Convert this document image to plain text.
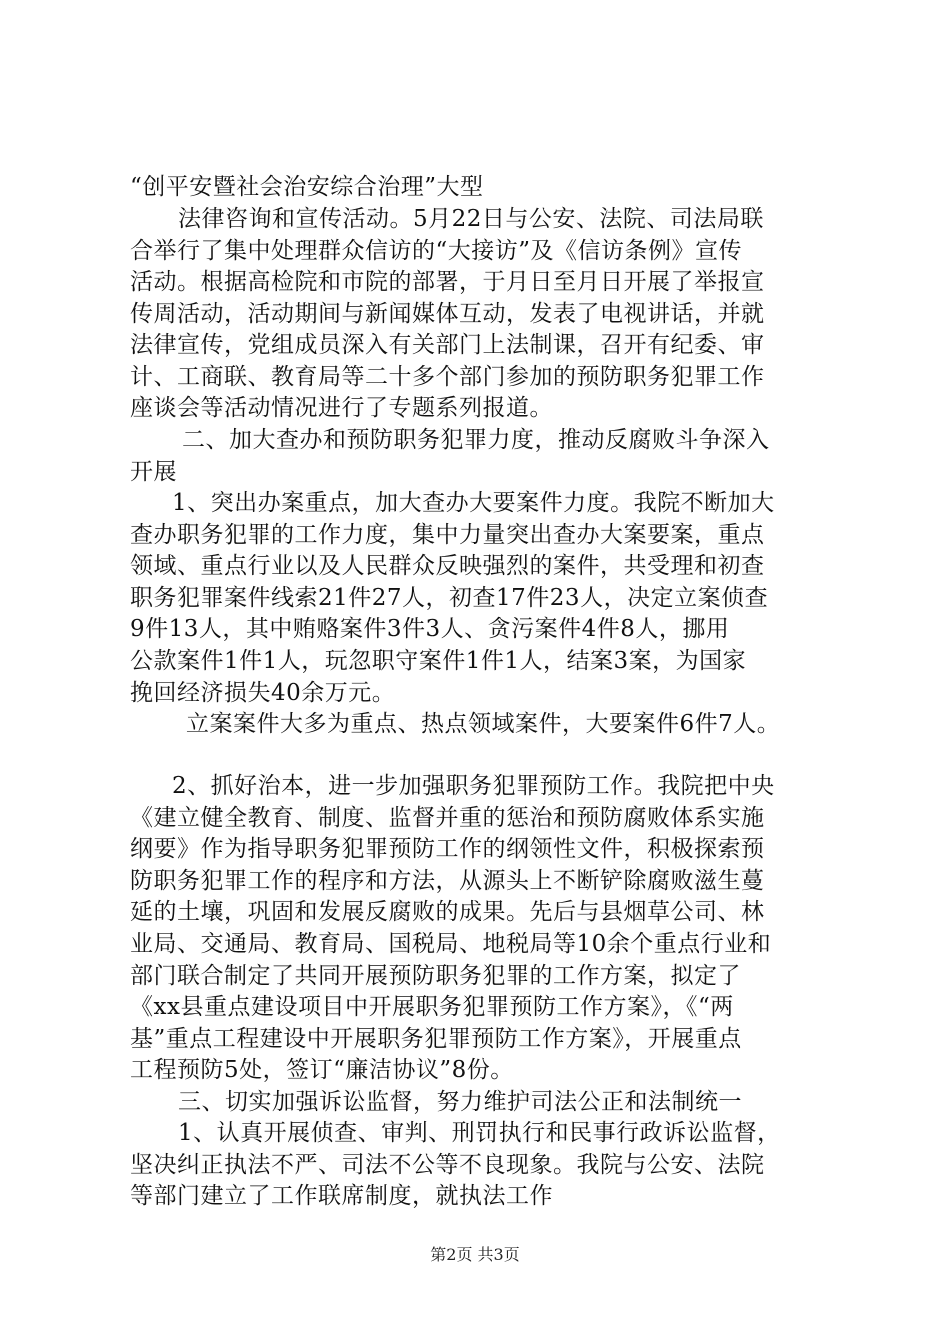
“创平安暨社会治安综合治理”大型
法律咨询和宣传活动。5月22日与公安、法院、司法局联
合举行了集中处理群众信访的“大接访”及《信访条例》宣传
活动。根据高检院和市院的部署，于月日至月日开展了举报宣
传周活动，活动期间与新闻媒体互动，发表了电视讲话，并就
法律宣传，党组成员深入有关部门上法制课，召开有纪委、审
计、工商联、教育局等二十多个部门参加的预防职务犯罪工作
座谈会等活动情况进行了专题系列报道。
二、加大查办和预防职务犯罪力度，推动反腐败斗争深入
开展
1、突出办案重点，加大查办大要案件力度。我院不断加大
查办职务犯罪的工作力度，集中力量突出查办大案要案，重点
领域、重点行业以及人民群众反映强烈的案件，共受理和初查
职务犯罪案件线索21件27人，初查17件23人，决定立案侦查
9件13人，其中贿赂案件3件3人、贪污案件4件8人，挪用
公款案件1件1人，玩忽职守案件1件1人，结案3案，为国家
挽回经济损失40余万元。
立案案件大多为重点、热点领域案件，大要案件6件7人。
2、抓好治本，进一步加强职务犯罪预防工作。我院把中央
《建立健全教育、制度、监督并重的惩治和预防腐败体系实施
纲要》作为指导职务犯罪预防工作的纲领性文件，积极探索预
防职务犯罪工作的程序和方法，从源头上不断铲除腐败滋生蔓
延的土壤，巩固和发展反腐败的成果。先后与县烟草公司、林
业局、交通局、教育局、国税局、地税局等10余个重点行业和
部门联合制定了共同开展预防职务犯罪的工作方案，拟定了
《xx县重点建设项目中开展职务犯罪预防工作方案》，《“两
基”重点工程建设中开展职务犯罪预防工作方案》，开展重点
工程预防5处，签订“廉洁协议”8份。
三、切实加强诉讼监督，努力维护司法公正和法制统一
1、认真开展侦查、审判、刑罚执行和民事行政诉讼监督，
坚决纠正执法不严、司法不公等不良现象。我院与公安、法院
等部门建立了工作联席制度，就执法工作
第2页 共3页
